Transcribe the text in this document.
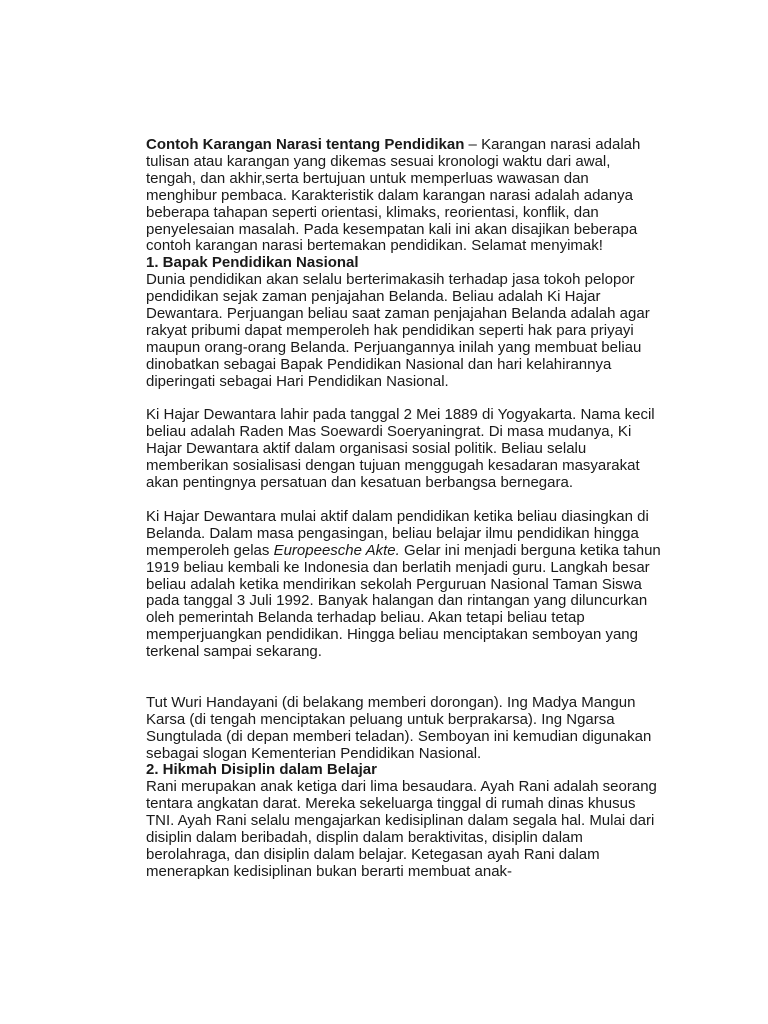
Contoh Karangan Narasi tentang Pendidikan – Karangan narasi adalah tulisan atau karangan yang dikemas sesuai kronologi waktu dari awal, tengah, dan akhir,serta bertujuan untuk memperluas wawasan dan menghibur pembaca. Karakteristik dalam karangan narasi adalah adanya beberapa tahapan seperti orientasi, klimaks, reorientasi, konflik, dan penyelesaian masalah. Pada kesempatan kali ini akan disajikan beberapa contoh karangan narasi bertemakan pendidikan. Selamat menyimak!

1. Bapak Pendidikan Nasional

Dunia pendidikan akan selalu berterimakasih terhadap jasa tokoh pelopor pendidikan sejak zaman penjajahan Belanda. Beliau adalah Ki Hajar Dewantara. Perjuangan beliau saat zaman penjajahan Belanda adalah agar rakyat pribumi dapat memperoleh hak pendidikan seperti hak para priyayi maupun orang-orang Belanda. Perjuangannya inilah yang membuat beliau dinobatkan sebagai Bapak Pendidikan Nasional dan hari kelahirannya diperingati sebagai Hari Pendidikan Nasional.

Ki Hajar Dewantara lahir pada tanggal 2 Mei 1889 di Yogyakarta. Nama kecil beliau adalah Raden Mas Soewardi Soeryaningrat. Di masa mudanya, Ki Hajar Dewantara aktif dalam organisasi sosial politik. Beliau selalu memberikan sosialisasi dengan tujuan menggugah kesadaran masyarakat akan pentingnya persatuan dan kesatuan berbangsa bernegara.

Ki Hajar Dewantara mulai aktif dalam pendidikan ketika beliau diasingkan di Belanda. Dalam masa pengasingan, beliau belajar ilmu pendidikan hingga memperoleh gelas Europeesche Akte. Gelar ini menjadi berguna ketika tahun 1919 beliau kembali ke Indonesia dan berlatih menjadi guru. Langkah besar beliau adalah ketika mendirikan sekolah Perguruan Nasional Taman Siswa pada tanggal 3 Juli 1992. Banyak halangan dan rintangan yang diluncurkan oleh pemerintah Belanda terhadap beliau. Akan tetapi beliau tetap memperjuangkan pendidikan. Hingga beliau menciptakan semboyan yang terkenal sampai sekarang.

Tut Wuri Handayani (di belakang memberi dorongan). Ing Madya Mangun Karsa (di tengah menciptakan peluang untuk berprakarsa). Ing Ngarsa Sungtulada (di depan memberi teladan). Semboyan ini kemudian digunakan sebagai slogan Kementerian Pendidikan Nasional.

2. Hikmah Disiplin dalam Belajar

Rani merupakan anak ketiga dari lima besaudara. Ayah Rani adalah seorang tentara angkatan darat. Mereka sekeluarga tinggal di rumah dinas khusus TNI. Ayah Rani selalu mengajarkan kedisiplinan dalam segala hal. Mulai dari disiplin dalam beribadah, displin dalam beraktivitas, disiplin dalam berolahraga, dan disiplin dalam belajar. Ketegasan ayah Rani dalam menerapkan kedisiplinan bukan berarti membuat anak-
